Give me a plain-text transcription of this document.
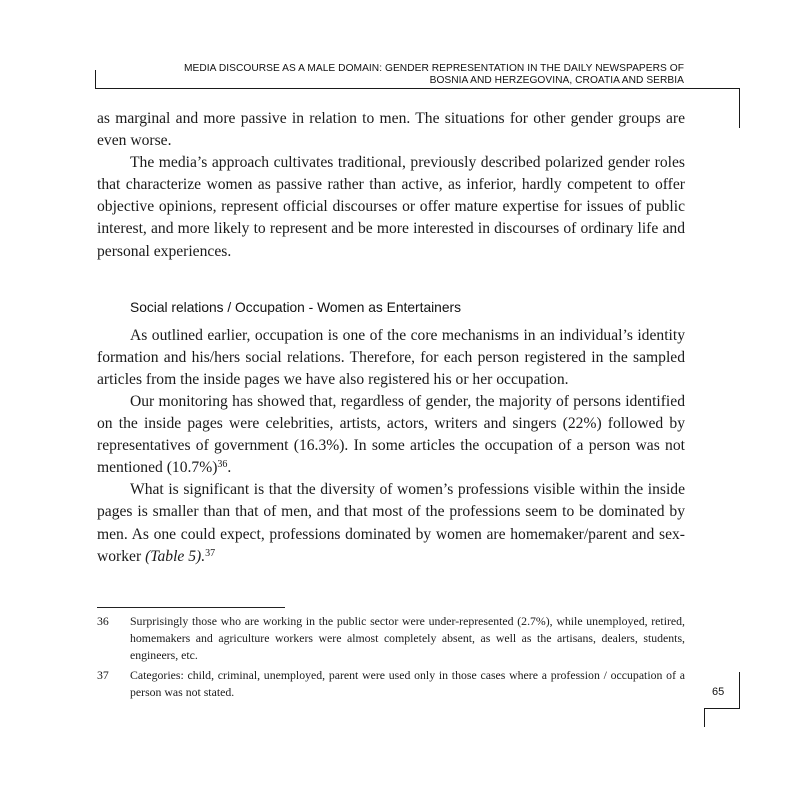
MEDIA DISCOURSE AS A MALE DOMAIN: GENDER REPRESENTATION IN THE DAILY NEWSPAPERS OF
BOSNIA AND HERZEGOVINA, CROATIA AND SERBIA

as marginal and more passive in relation to men. The situations for other gender groups are even worse.

The media’s approach cultivates traditional, previously described polarized gender roles that characterize women as passive rather than active, as inferior, hardly competent to offer objective opinions, represent official discourses or offer mature expertise for issues of public interest, and more likely to represent and be more interested in discourses of ordinary life and personal experiences.

Social relations / Occupation - Women as Entertainers

As outlined earlier, occupation is one of the core mechanisms in an individual’s identity formation and his/hers social relations. Therefore, for each person registered in the sampled articles from the inside pages we have also registered his or her occupation.

Our monitoring has showed that, regardless of gender, the majority of persons identified on the inside pages were celebrities, artists, actors, writers and singers (22%) followed by representatives of government (16.3%). In some articles the occupation of a person was not mentioned $(10.7\%)^{36}$.

What is significant is that the diversity of women’s professions visible within the inside pages is smaller than that of men, and that most of the professions seem to be dominated by men. As one could expect, professions dominated by women are homemaker/parent and sex-worker (Table 5).$^{37}$

36	Surprisingly those who are working in the public sector were under-represented (2.7%), while unemployed, retired, homemakers and agriculture workers were almost completely absent, as well as the artisans, dealers, students, engineers, etc.
37	Categories: child, criminal, unemployed, parent were used only in those cases where a profession / occupation of a person was not stated.	65
